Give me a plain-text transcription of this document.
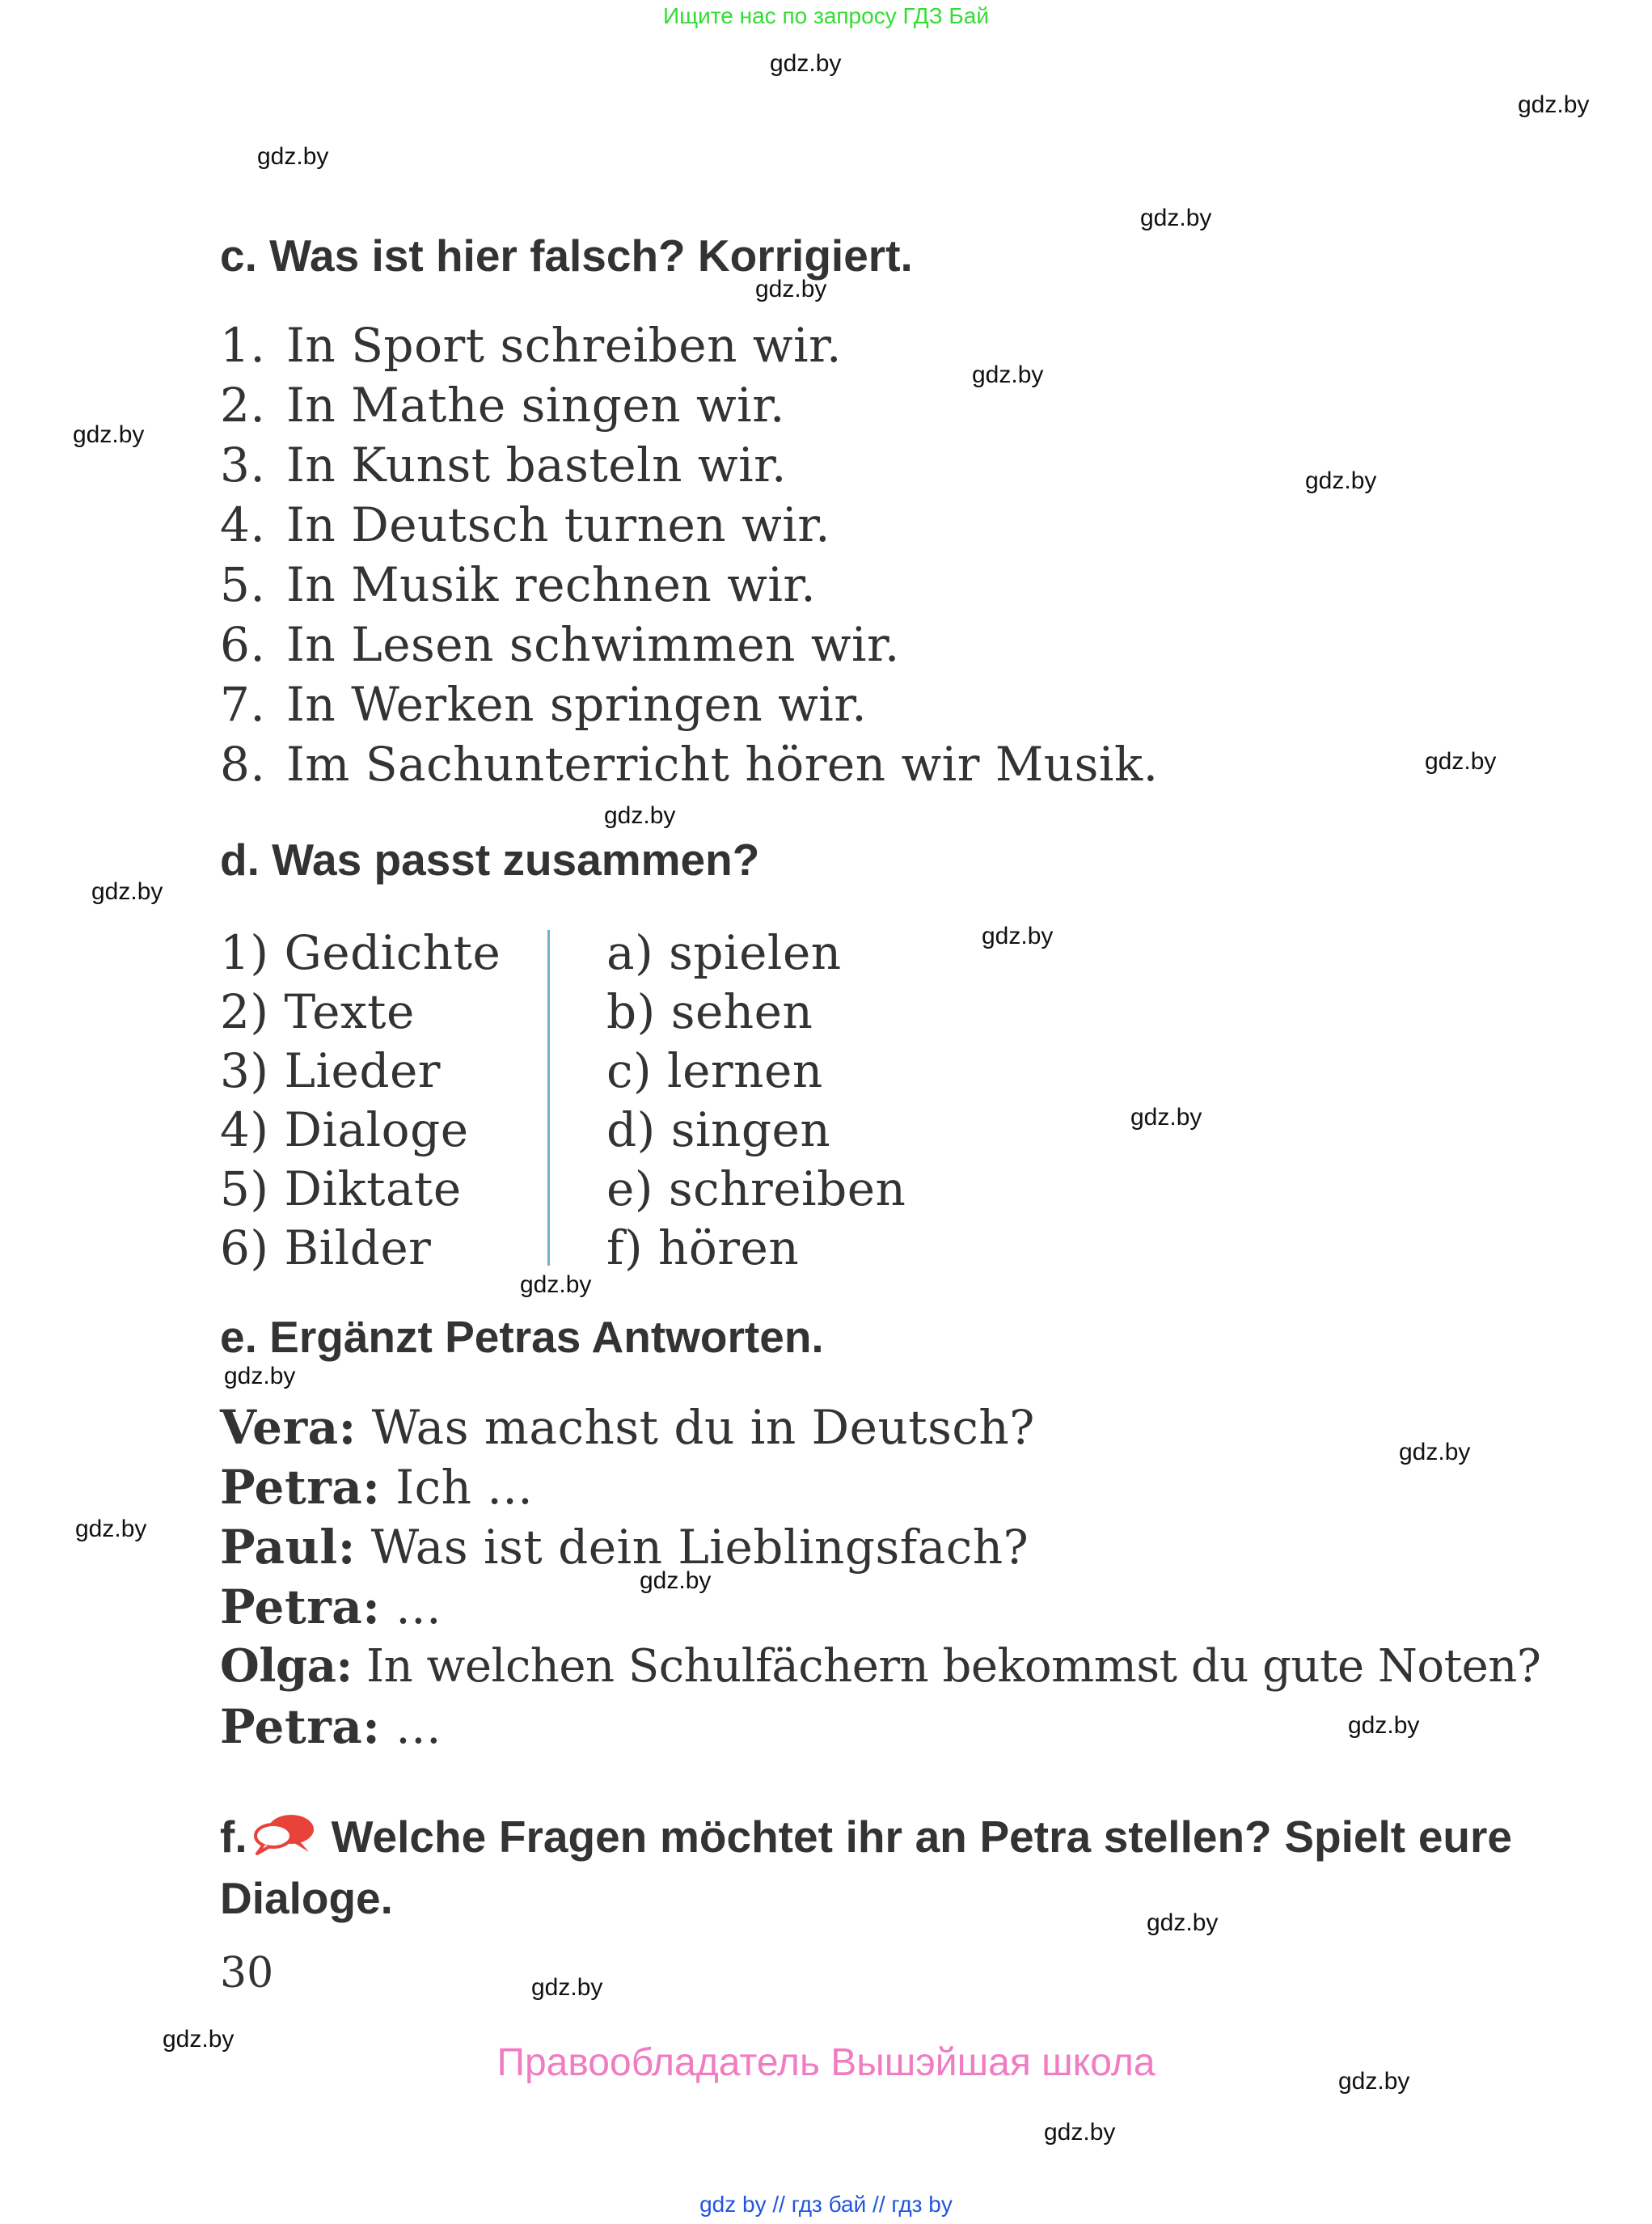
Ищите нас по запросу ГДЗ Бай
gdz.by
gdz.by
gdz.by
gdz.by
gdz.by
gdz.by
gdz.by
gdz.by
gdz.by
gdz.by
gdz.by
gdz.by
gdz.by
gdz.by
gdz.by
gdz.by
gdz.by
gdz.by
gdz.by
gdz.by
gdz.by
gdz.by
gdz.by
gdz.by
c. Was ist hier falsch? Korrigiert.
1. In Sport schreiben wir.
2. In Mathe singen wir.
3. In Kunst basteln wir.
4. In Deutsch turnen wir.
5. In Musik rechnen wir.
6. In Lesen schwimmen wir.
7. In Werken springen wir.
8. Im Sachunterricht hören wir Musik.
d. Was passt zusammen?
1) Gedichte
2) Texte
3) Lieder
4) Dialoge
5) Diktate
6) Bilder
a) spielen
b) sehen
c) lernen
d) singen
e) schreiben
f) hören
e. Ergänzt Petras Antworten.
Vera: Was machst du in Deutsch?
Petra: Ich ...
Paul: Was ist dein Lieblingsfach?
Petra: ...
Olga: In welchen Schulfächern bekommst du gute Noten?
Petra: ...
f. Welche Fragen möchtet ihr an Petra stellen? Spielt eure Dialoge.
30
Правообладатель Вышэйшая школа
gdz by // гдз бай // гдз by
